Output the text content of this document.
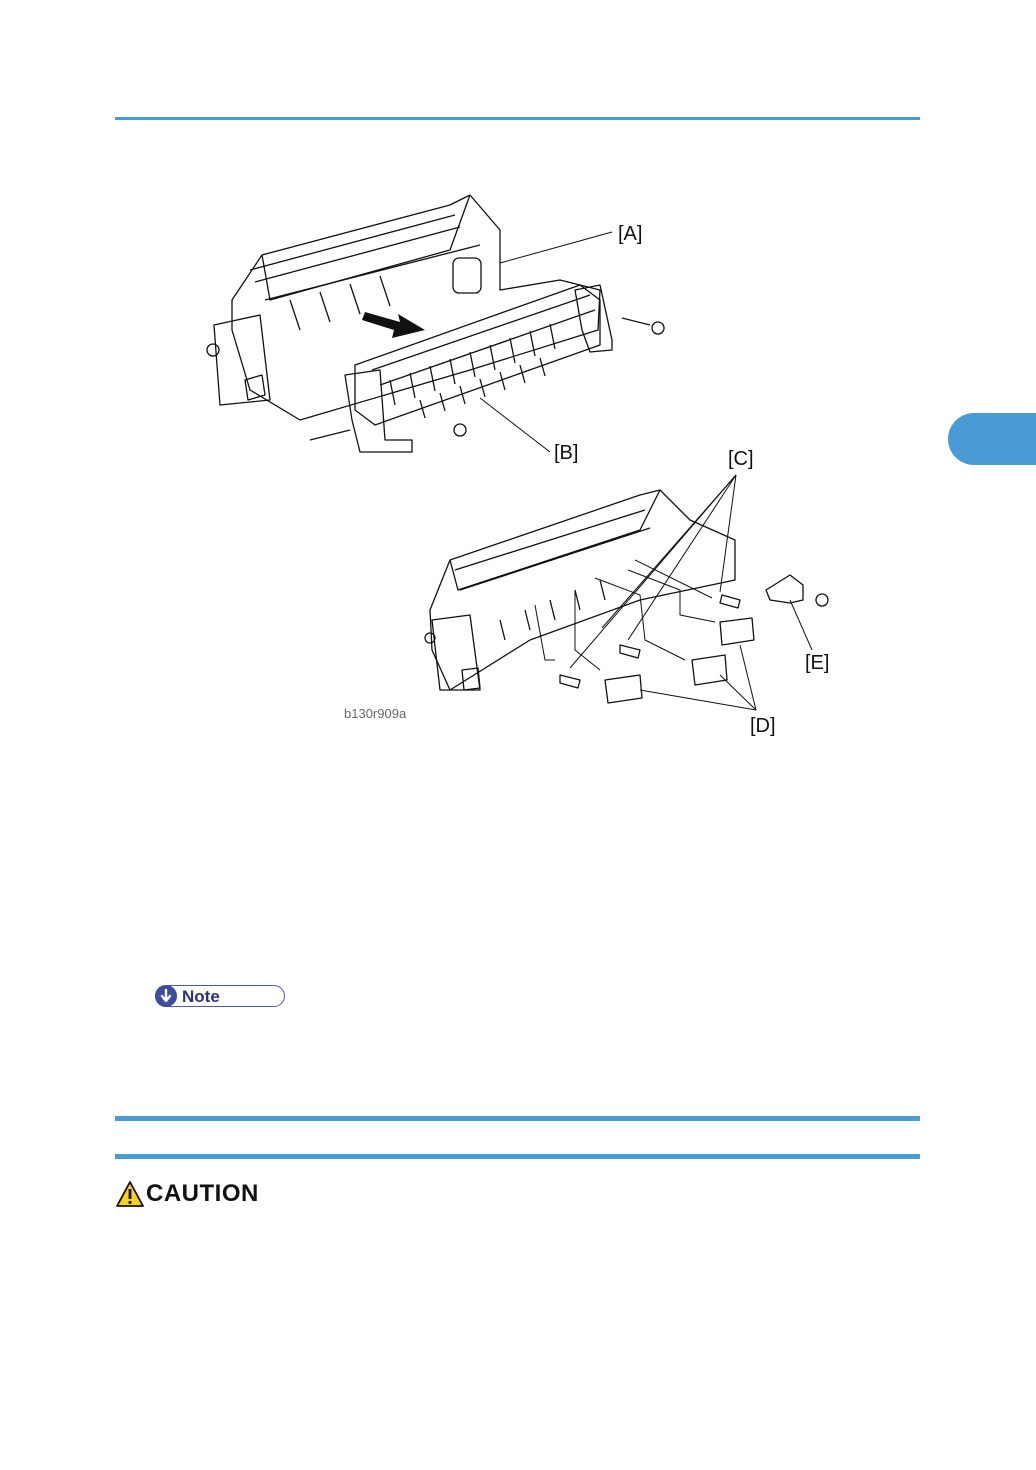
[A]
[B]	[C]
[E]
[D]
b130r909a
Note
CAUTION
